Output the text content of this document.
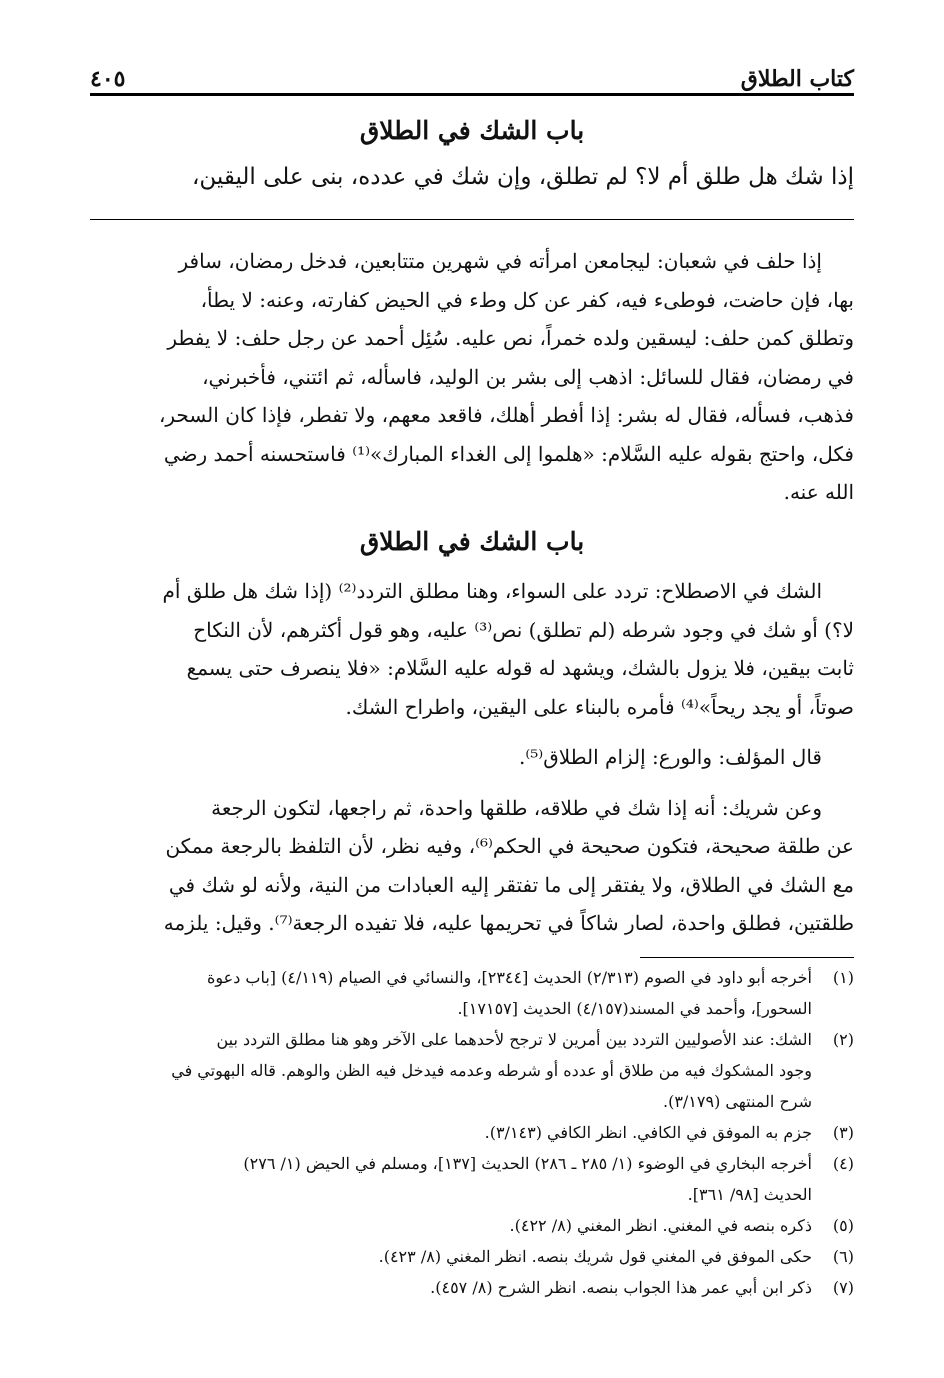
كتاب الطلاق
٤٠٥
باب الشك في الطلاق
إذا شك هل طلق أم لا؟ لم تطلق، وإن شك في عدده، بنى على اليقين،
إذا حلف في شعبان: ليجامعن امرأته في شهرين متتابعين، فدخل رمضان، سافر
بها، فإن حاضت، فوطىء فيه، كفر عن كل وطء في الحيض كفارته، وعنه: لا يطأ،
وتطلق كمن حلف: ليسقين ولده خمراً، نص عليه. سُئِل أحمد عن رجل حلف: لا يفطر
في رمضان، فقال للسائل: اذهب إلى بشر بن الوليد، فاسأله، ثم ائتني، فأخبرني،
فذهب، فسأله، فقال له بشر: إذا أفطر أهلك، فاقعد معهم، ولا تفطر، فإذا كان السحر،
فكل، واحتج بقوله عليه السَّلام: «هلموا إلى الغداء المبارك»⁽¹⁾ فاستحسنه أحمد رضي
الله عنه.
باب الشك في الطلاق
الشك في الاصطلاح: تردد على السواء، وهنا مطلق التردد⁽²⁾ (إذا شك هل طلق أم
لا؟) أو شك في وجود شرطه (لم تطلق) نص⁽³⁾ عليه، وهو قول أكثرهم، لأن النكاح
ثابت بيقين، فلا يزول بالشك، ويشهد له قوله عليه السَّلام: «فلا ينصرف حتى يسمع
صوتاً، أو يجد ريحاً»⁽⁴⁾ فأمره بالبناء على اليقين، واطراح الشك.
قال المؤلف: والورع: إلزام الطلاق⁽⁵⁾.
وعن شريك: أنه إذا شك في طلاقه، طلقها واحدة، ثم راجعها، لتكون الرجعة
عن طلقة صحيحة، فتكون صحيحة في الحكم⁽⁶⁾، وفيه نظر، لأن التلفظ بالرجعة ممكن
مع الشك في الطلاق، ولا يفتقر إلى ما تفتقر إليه العبادات من النية، ولأنه لو شك في
طلقتين، فطلق واحدة، لصار شاكاً في تحريمها عليه، فلا تفيده الرجعة⁽⁷⁾. وقيل: يلزمه
(١)
أخرجه أبو داود في الصوم (٢/٣١٣) الحديث [٢٣٤٤]، والنسائي في الصيام (٤/١١٩) [باب دعوة
السحور]، وأحمد في المسند(٤/١٥٧) الحديث [١٧١٥٧].
(٢)
الشك: عند الأصوليين التردد بين أمرين لا ترجح لأحدهما على الآخر وهو هنا مطلق التردد بين
وجود المشكوك فيه من طلاق أو عدده أو شرطه وعدمه فيدخل فيه الظن والوهم. قاله البهوتي في
شرح المنتهى (٣/١٧٩).
(٣)
جزم به الموفق في الكافي. انظر الكافي (٣/١٤٣).
(٤)
أخرجه البخاري في الوضوء (١/ ٢٨٥ ـ ٢٨٦) الحديث [١٣٧]، ومسلم في الحيض (١/ ٢٧٦)
الحديث [٩٨/ ٣٦١].
(٥)
ذكره بنصه في المغني. انظر المغني (٨/ ٤٢٢).
(٦)
حكى الموفق في المغني قول شريك بنصه. انظر المغني (٨/ ٤٢٣).
(٧)
ذكر ابن أبي عمر هذا الجواب بنصه. انظر الشرح (٨/ ٤٥٧).
